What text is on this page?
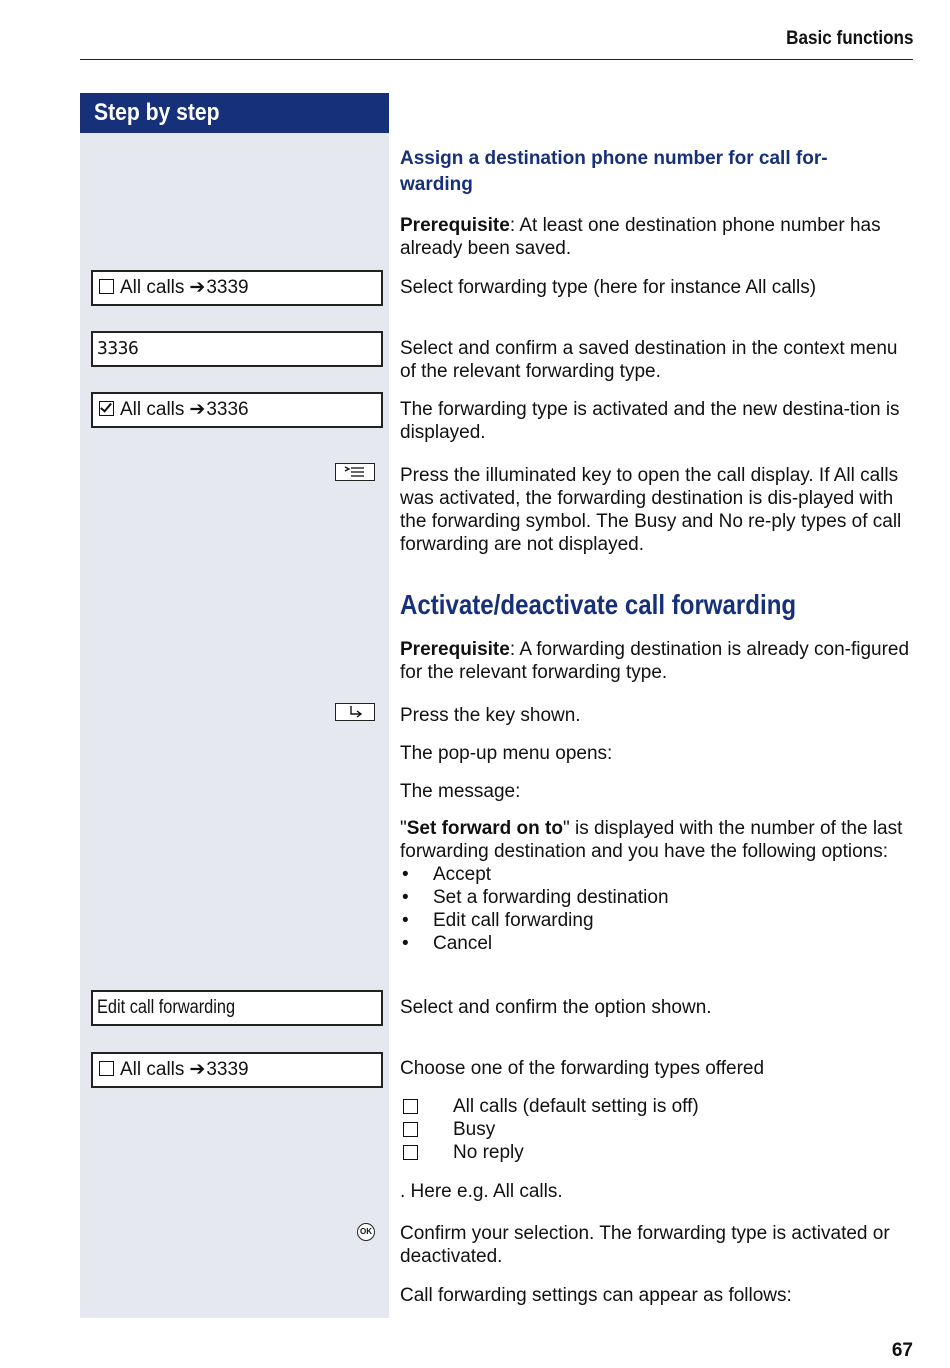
Basic functions
Step by step
All calls ➔3339
3336
All calls ➔3336
Edit call forwarding
All calls ➔3339
OK
Assign a destination phone number for call for-warding
Prerequisite: At least one destination phone number has already been saved.
Select forwarding type (here for instance All calls)
Select and confirm a saved destination in the context menu of the relevant forwarding type.
The forwarding type is activated and the new destina-tion is displayed.
Press the illuminated key to open the call display. If All calls was activated, the forwarding destination is dis-played with the forwarding symbol. The Busy and No re-ply types of call forwarding are not displayed.
Activate/deactivate call forwarding
Prerequisite: A forwarding destination is already con-figured for the relevant forwarding type.
Press the key shown.
The pop-up menu opens:
The message:
"Set forward on to" is displayed with the number of the last forwarding destination and you have the following options:
• Accept
• Set a forwarding destination
• Edit call forwarding
• Cancel
Select and confirm the option shown.
Choose one of the forwarding types offered
All calls (default setting is off)
Busy
No reply
. Here e.g. All calls.
Confirm your selection. The forwarding type is activated or deactivated.
Call forwarding settings can appear as follows:
67
